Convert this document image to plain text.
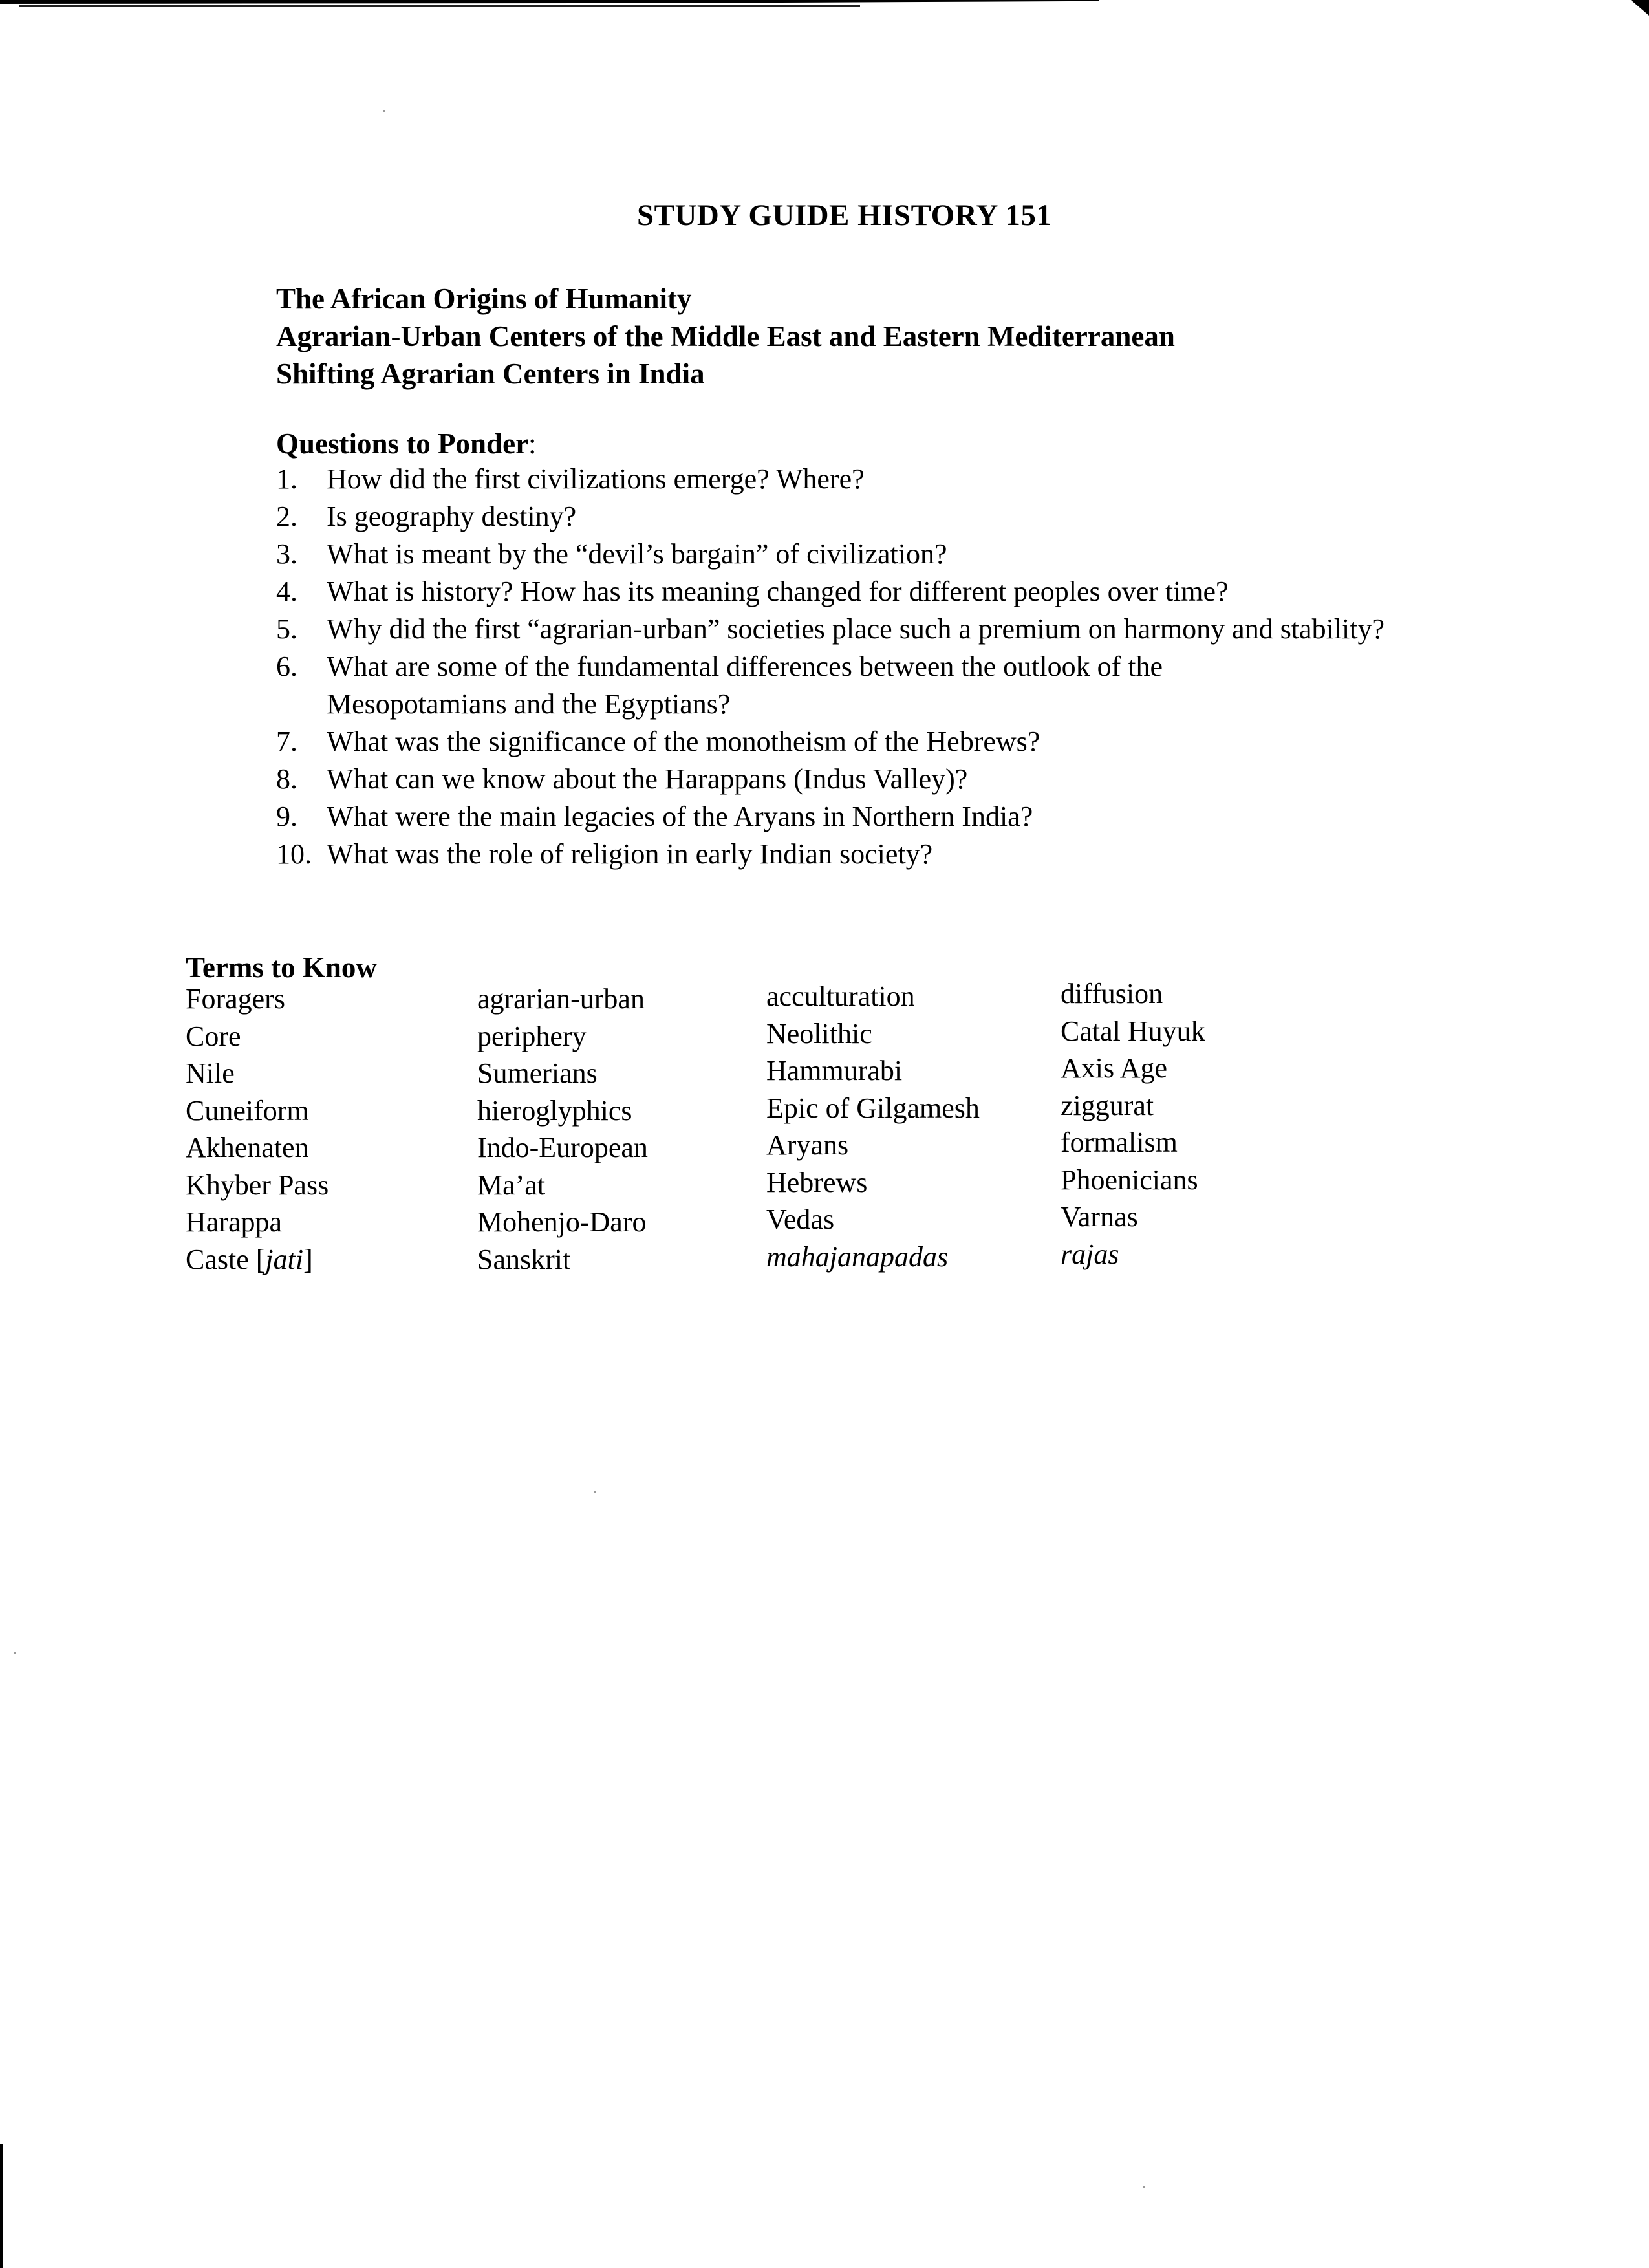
STUDY GUIDE HISTORY 151
The African Origins of Humanity
Agrarian-Urban Centers of the Middle East and Eastern Mediterranean
Shifting Agrarian Centers in India
Questions to Ponder:
1.	How did the first civilizations emerge? Where?
2.	Is geography destiny?
3.	What is meant by the “devil’s bargain” of civilization?
4.	What is history? How has its meaning changed for different peoples over time?
5.	Why did the first “agrarian-urban” societies place such a premium on harmony and stability?
6.	What are some of the fundamental differences between the outlook of the Mesopotamians and the Egyptians?
7.	What was the significance of the monotheism of the Hebrews?
8.	What can we know about the Harappans (Indus Valley)?
9.	What were the main legacies of the Aryans in Northern India?
10. What was the role of religion in early Indian society?
Terms to Know
Foragers	agrarian-urban	acculturation	diffusion
Core	periphery	Neolithic	Catal Huyuk
Nile	Sumerians	Hammurabi	Axis Age
Cuneiform	hieroglyphics	Epic of Gilgamesh	ziggurat
Akhenaten	Indo-European	Aryans	formalism
Khyber Pass	Ma’at	Hebrews	Phoenicians
Harappa	Mohenjo-Daro	Vedas	Varnas
Caste [jati]	Sanskrit	mahajanapadas	rajas
